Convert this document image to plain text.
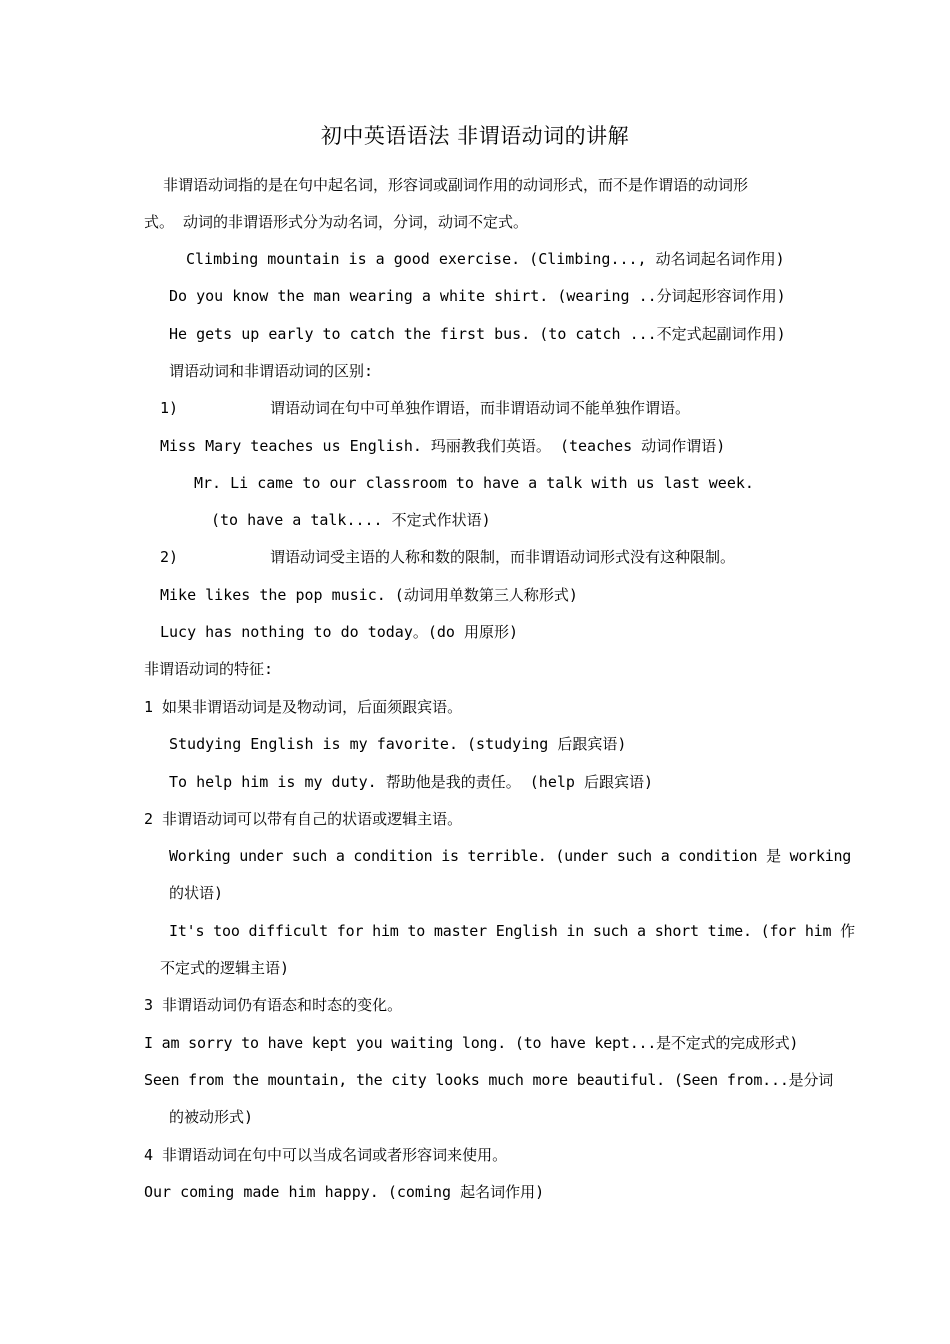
初中英语语法 非谓语动词的讲解
非谓语动词指的是在句中起名词，形容词或副词作用的动词形式，而不是作谓语的动词形
式。 动词的非谓语形式分为动名词，分词，动词不定式。
Climbing mountain is a good exercise. (Climbing..., 动名词起名词作用)
Do you know the man wearing a white shirt. (wearing ..分词起形容词作用)
He gets up early to catch the first bus. (to catch ...不定式起副词作用)
谓语动词和非谓语动词的区别:
1)	谓语动词在句中可单独作谓语，而非谓语动词不能单独作谓语。
Miss Mary teaches us English. 玛丽教我们英语。 (teaches 动词作谓语)
Mr. Li came to our classroom to have a talk with us last week.
(to have a talk.... 不定式作状语)
2)	谓语动词受主语的人称和数的限制，而非谓语动词形式没有这种限制。
Mike likes the pop music. (动词用单数第三人称形式)
Lucy has nothing to do today。(do 用原形)
非谓语动词的特征:
1 如果非谓语动词是及物动词，后面须跟宾语。
Studying English is my favorite. (studying 后跟宾语)
To help him is my duty. 帮助他是我的责任。 (help 后跟宾语)
2 非谓语动词可以带有自己的状语或逻辑主语。
Working under such a condition is terrible. (under such a condition 是 working
的状语)
It's too difficult for him to master English in such a short time. (for him 作
不定式的逻辑主语)
3 非谓语动词仍有语态和时态的变化。
I am sorry to have kept you waiting long. (to have kept...是不定式的完成形式)
Seen from the mountain, the city looks much more beautiful. (Seen from...是分词
的被动形式)
4 非谓语动词在句中可以当成名词或者形容词来使用。
Our coming made him happy. (coming 起名词作用)
